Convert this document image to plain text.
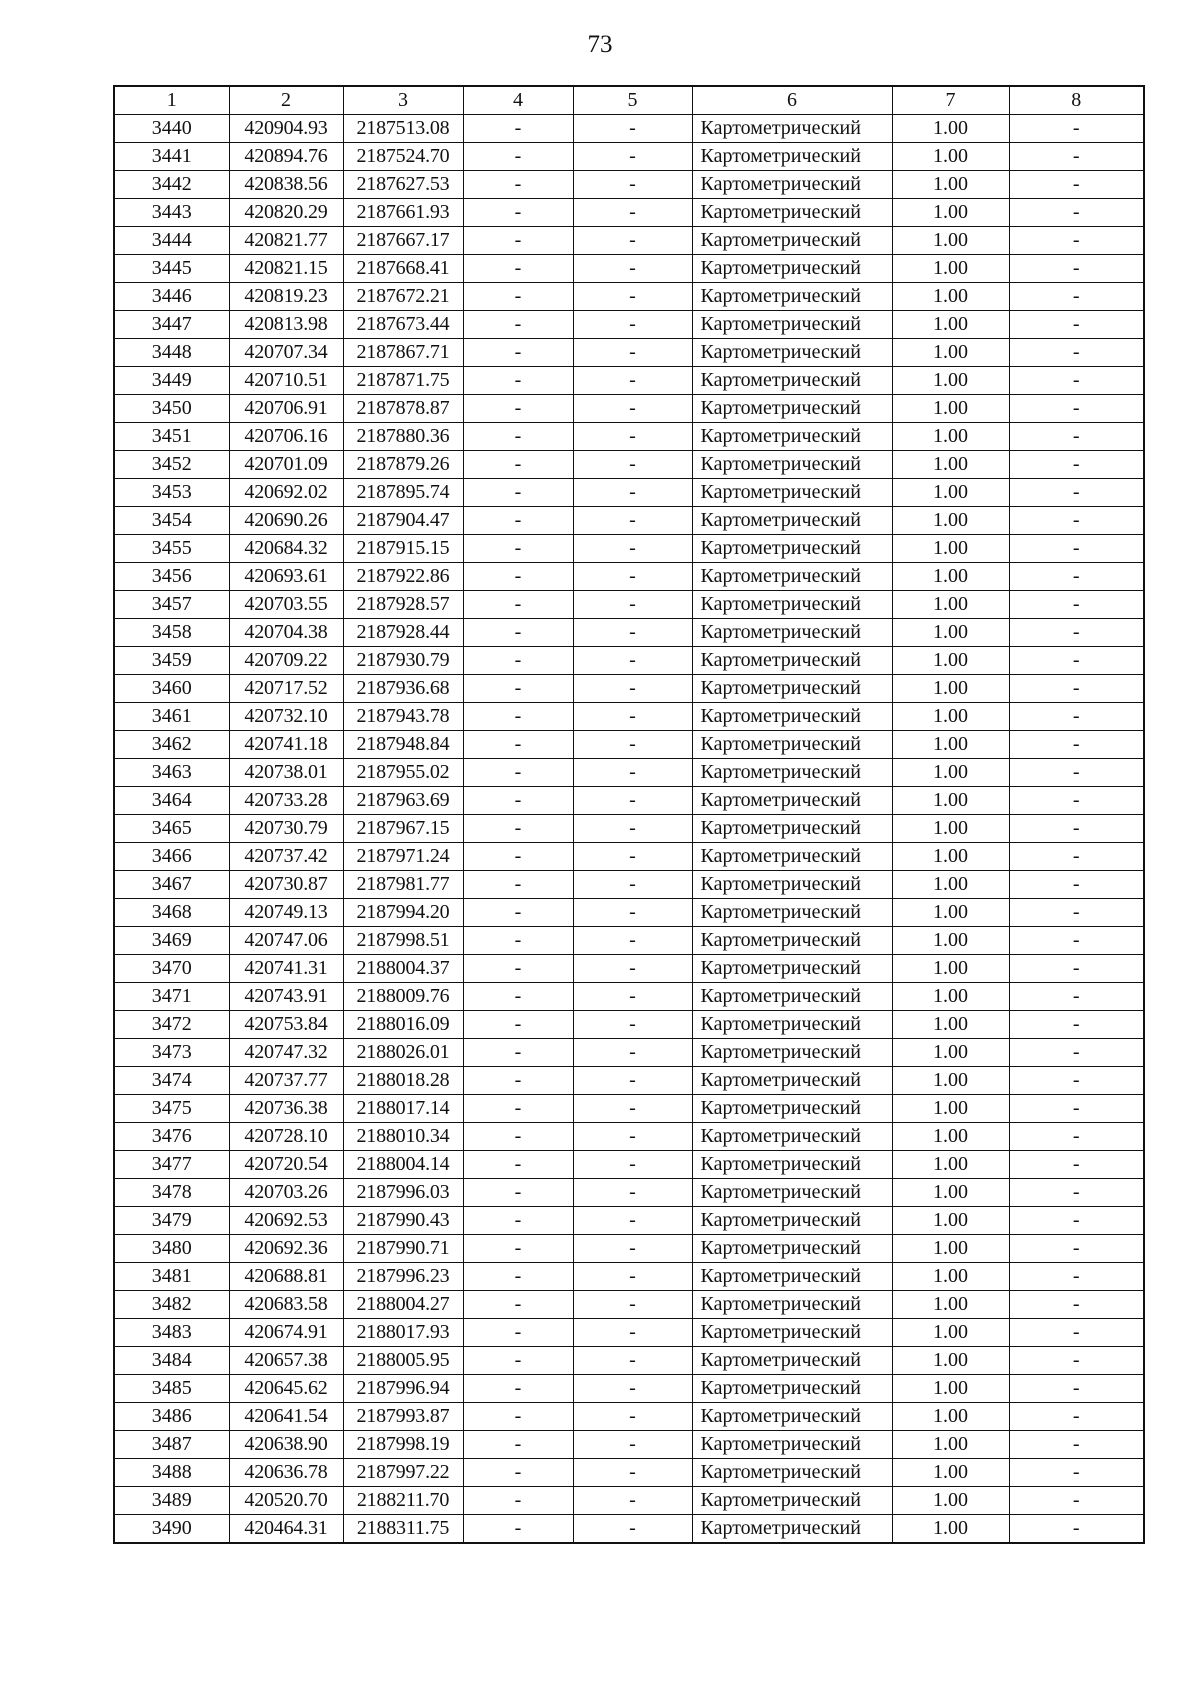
73
1	2	3	4	5	6	7	8
3440	420904.93	2187513.08	-	-	Картометрический	1.00	-
3441	420894.76	2187524.70	-	-	Картометрический	1.00	-
3442	420838.56	2187627.53	-	-	Картометрический	1.00	-
3443	420820.29	2187661.93	-	-	Картометрический	1.00	-
3444	420821.77	2187667.17	-	-	Картометрический	1.00	-
3445	420821.15	2187668.41	-	-	Картометрический	1.00	-
3446	420819.23	2187672.21	-	-	Картометрический	1.00	-
3447	420813.98	2187673.44	-	-	Картометрический	1.00	-
3448	420707.34	2187867.71	-	-	Картометрический	1.00	-
3449	420710.51	2187871.75	-	-	Картометрический	1.00	-
3450	420706.91	2187878.87	-	-	Картометрический	1.00	-
3451	420706.16	2187880.36	-	-	Картометрический	1.00	-
3452	420701.09	2187879.26	-	-	Картометрический	1.00	-
3453	420692.02	2187895.74	-	-	Картометрический	1.00	-
3454	420690.26	2187904.47	-	-	Картометрический	1.00	-
3455	420684.32	2187915.15	-	-	Картометрический	1.00	-
3456	420693.61	2187922.86	-	-	Картометрический	1.00	-
3457	420703.55	2187928.57	-	-	Картометрический	1.00	-
3458	420704.38	2187928.44	-	-	Картометрический	1.00	-
3459	420709.22	2187930.79	-	-	Картометрический	1.00	-
3460	420717.52	2187936.68	-	-	Картометрический	1.00	-
3461	420732.10	2187943.78	-	-	Картометрический	1.00	-
3462	420741.18	2187948.84	-	-	Картометрический	1.00	-
3463	420738.01	2187955.02	-	-	Картометрический	1.00	-
3464	420733.28	2187963.69	-	-	Картометрический	1.00	-
3465	420730.79	2187967.15	-	-	Картометрический	1.00	-
3466	420737.42	2187971.24	-	-	Картометрический	1.00	-
3467	420730.87	2187981.77	-	-	Картометрический	1.00	-
3468	420749.13	2187994.20	-	-	Картометрический	1.00	-
3469	420747.06	2187998.51	-	-	Картометрический	1.00	-
3470	420741.31	2188004.37	-	-	Картометрический	1.00	-
3471	420743.91	2188009.76	-	-	Картометрический	1.00	-
3472	420753.84	2188016.09	-	-	Картометрический	1.00	-
3473	420747.32	2188026.01	-	-	Картометрический	1.00	-
3474	420737.77	2188018.28	-	-	Картометрический	1.00	-
3475	420736.38	2188017.14	-	-	Картометрический	1.00	-
3476	420728.10	2188010.34	-	-	Картометрический	1.00	-
3477	420720.54	2188004.14	-	-	Картометрический	1.00	-
3478	420703.26	2187996.03	-	-	Картометрический	1.00	-
3479	420692.53	2187990.43	-	-	Картометрический	1.00	-
3480	420692.36	2187990.71	-	-	Картометрический	1.00	-
3481	420688.81	2187996.23	-	-	Картометрический	1.00	-
3482	420683.58	2188004.27	-	-	Картометрический	1.00	-
3483	420674.91	2188017.93	-	-	Картометрический	1.00	-
3484	420657.38	2188005.95	-	-	Картометрический	1.00	-
3485	420645.62	2187996.94	-	-	Картометрический	1.00	-
3486	420641.54	2187993.87	-	-	Картометрический	1.00	-
3487	420638.90	2187998.19	-	-	Картометрический	1.00	-
3488	420636.78	2187997.22	-	-	Картометрический	1.00	-
3489	420520.70	2188211.70	-	-	Картометрический	1.00	-
3490	420464.31	2188311.75	-	-	Картометрический	1.00	-
